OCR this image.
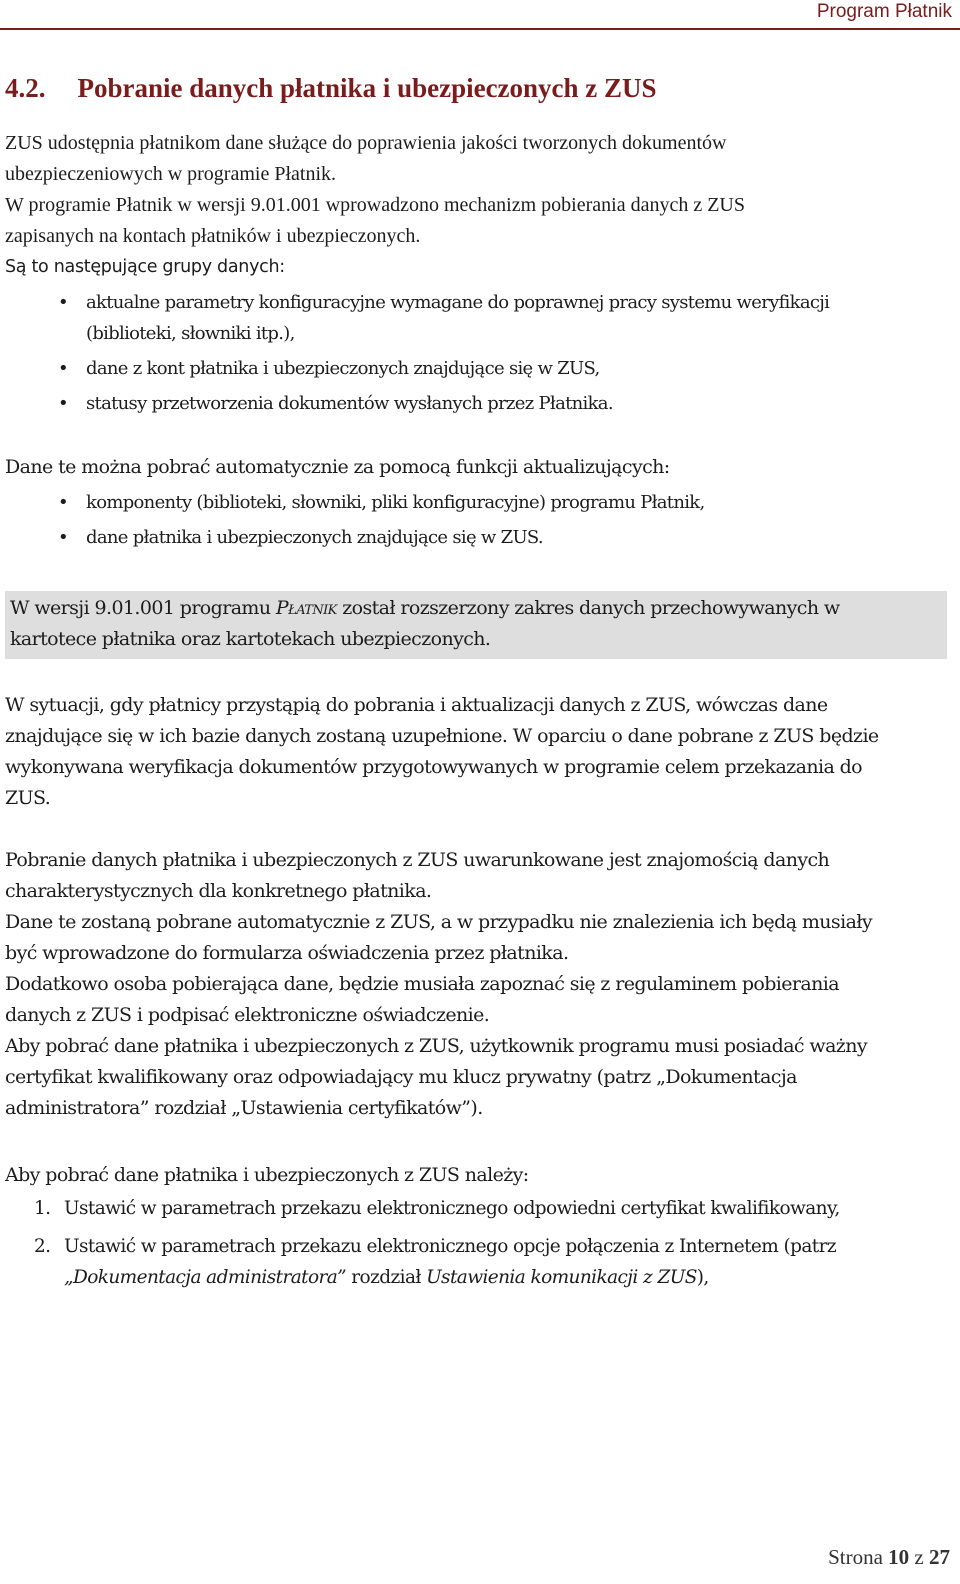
Program Płatnik
4.2. Pobranie danych płatnika i ubezpieczonych z ZUS
ZUS udostępnia płatnikom dane służące do poprawienia jakości tworzonych dokumentów
ubezpieczeniowych w programie Płatnik.
W programie Płatnik w wersji 9.01.001 wprowadzono mechanizm pobierania danych z ZUS
zapisanych na kontach płatników i ubezpieczonych.
Są to następujące grupy danych:
• aktualne parametry konfiguracyjne wymagane do poprawnej pracy systemu weryfikacji
(biblioteki, słowniki itp.),
• dane z kont płatnika i ubezpieczonych znajdujące się w ZUS,
• statusy przetworzenia dokumentów wysłanych przez Płatnika.
Dane te można pobrać automatycznie za pomocą funkcji aktualizujących:
• komponenty (biblioteki, słowniki, pliki konfiguracyjne) programu Płatnik,
• dane płatnika i ubezpieczonych znajdujące się w ZUS.
W wersji 9.01.001 programu Płatnik został rozszerzony zakres danych przechowywanych w
kartotece płatnika oraz kartotekach ubezpieczonych.
W sytuacji, gdy płatnicy przystąpią do pobrania i aktualizacji danych z ZUS, wówczas dane
znajdujące się w ich bazie danych zostaną uzupełnione. W oparciu o dane pobrane z ZUS będzie
wykonywana weryfikacja dokumentów przygotowywanych w programie celem przekazania do
ZUS.
Pobranie danych płatnika i ubezpieczonych z ZUS uwarunkowane jest znajomością danych
charakterystycznych dla konkretnego płatnika.
Dane te zostaną pobrane automatycznie z ZUS, a w przypadku nie znalezienia ich będą musiały
być wprowadzone do formularza oświadczenia przez płatnika.
Dodatkowo osoba pobierająca dane, będzie musiała zapoznać się z regulaminem pobierania
danych z ZUS i podpisać elektroniczne oświadczenie.
Aby pobrać dane płatnika i ubezpieczonych z ZUS, użytkownik programu musi posiadać ważny
certyfikat kwalifikowany oraz odpowiadający mu klucz prywatny (patrz „Dokumentacja
administratora” rozdział „Ustawienia certyfikatów”).
Aby pobrać dane płatnika i ubezpieczonych z ZUS należy:
1. Ustawić w parametrach przekazu elektronicznego odpowiedni certyfikat kwalifikowany,
2. Ustawić w parametrach przekazu elektronicznego opcje połączenia z Internetem (patrz
„Dokumentacja administratora” rozdział Ustawienia komunikacji z ZUS),
Strona 10 z 27
